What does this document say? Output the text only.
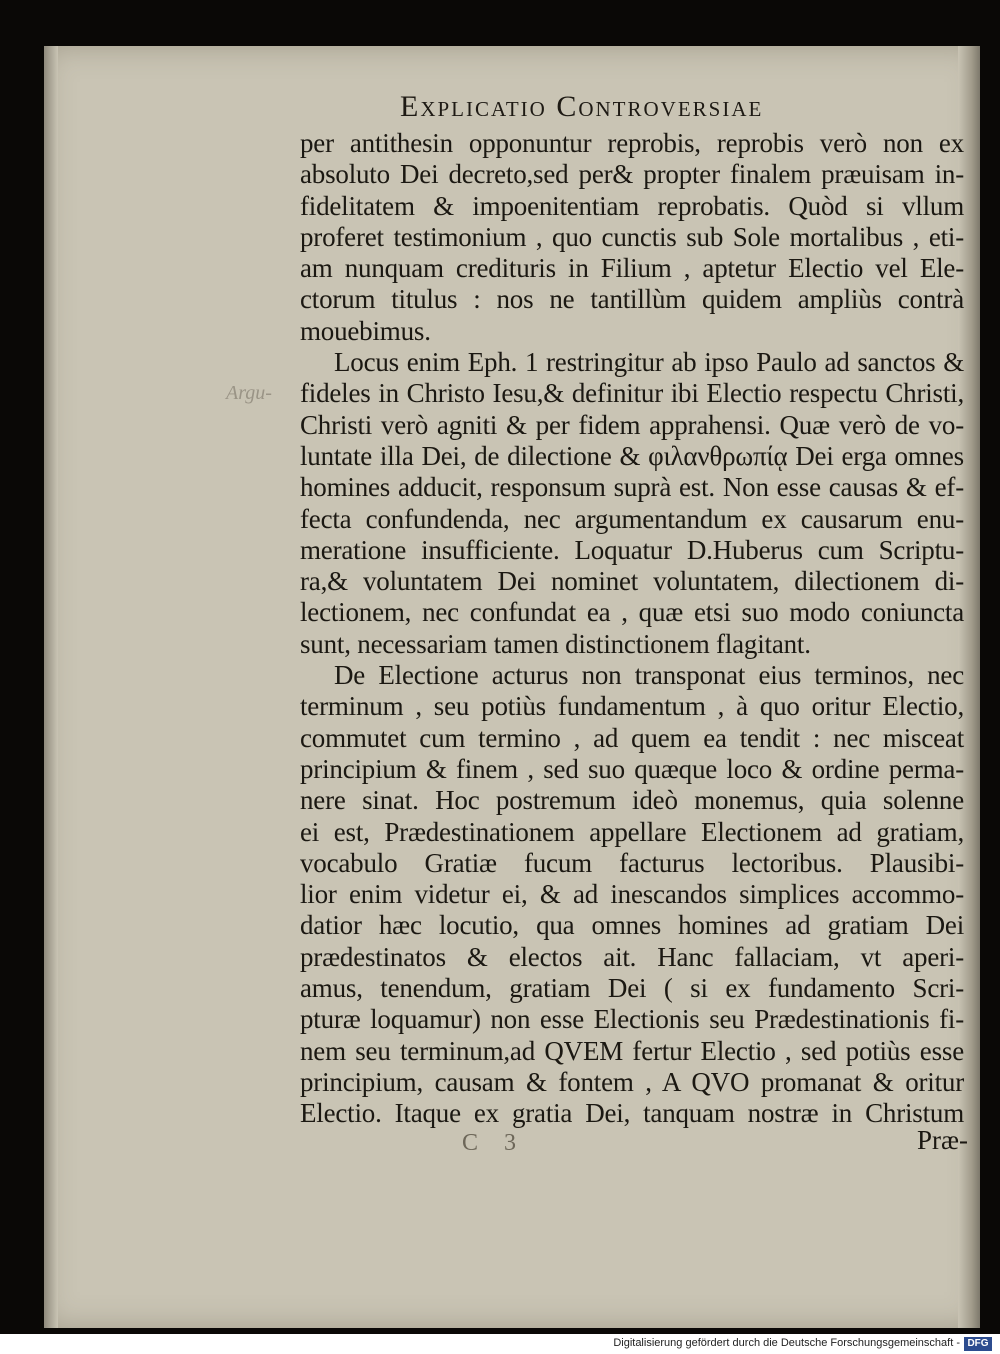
Explicatio Controversiae
Argu-
per antithesin opponuntur reprobis, reprobis verò non ex
absoluto Dei decreto,sed per& propter finalem præuisam in-
fidelitatem & impoenitentiam reprobatis. Quòd si vllum
proferet testimonium , quo cunctis sub Sole mortalibus , eti-
am nunquam credituris in Filium , aptetur Electio vel Ele-
ctorum titulus : nos ne tantillùm quidem ampliùs contrà
mouebimus.
Locus enim Eph. 1 restringitur ab ipso Paulo ad sanctos &
fideles in Christo Iesu,& definitur ibi Electio respectu Christi,
Christi verò agniti & per fidem apprahensi. Quæ verò de vo-
luntate illa Dei, de dilectione & φιλανθρωπίᾳ Dei erga omnes
homines adducit, responsum suprà est. Non esse causas & ef-
fecta confundenda, nec argumentandum ex causarum enu-
meratione insufficiente. Loquatur D.Huberus cum Scriptu-
ra,& voluntatem Dei nominet voluntatem, dilectionem di-
lectionem, nec confundat ea , quæ etsi suo modo coniuncta
sunt, necessariam tamen distinctionem flagitant.
De Electione acturus non transponat eius terminos, nec
terminum , seu potiùs fundamentum , à quo oritur Electio,
commutet cum termino , ad quem ea tendit : nec misceat
principium & finem , sed suo quæque loco & ordine perma-
nere sinat. Hoc postremum ideò monemus, quia solenne
ei est, Prædestinationem appellare Electionem ad gratiam,
vocabulo Gratiæ fucum facturus lectoribus. Plausibi-
lior enim videtur ei, & ad inescandos simplices accommo-
datior hæc locutio, qua omnes homines ad gratiam Dei
prædestinatos & electos ait. Hanc fallaciam, vt aperi-
amus, tenendum, gratiam Dei ( si ex fundamento Scri-
pturæ loquamur) non esse Electionis seu Prædestinationis fi-
nem seu terminum,ad QVEM fertur Electio , sed potiùs esse
principium, causam & fontem , A QVO promanat & oritur
Electio. Itaque ex gratia Dei, tanquam nostræ in Christum
C 3	Præ-
Digitalisierung gefördert durch die Deutsche Forschungsgemeinschaft - DFG
